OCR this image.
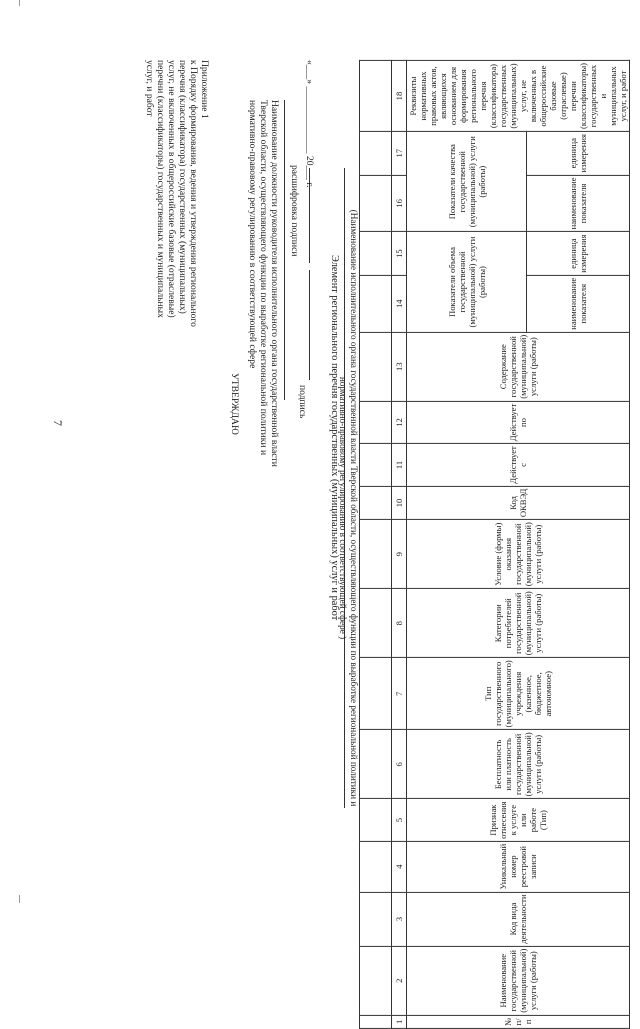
7
Приложение 1
к Порядку формирования, ведения и утверждения регионального
перечня (классификатора) государственных (муниципальных)
услуг, не включенных в общероссийские базовые (отраслевые)
перечни (классификаторы) государственных и муниципальных
услуг, и работ
УТВЕРЖДАЮ	Наименование должности руководителя исполнительного органа государственной власти
Тверской области, осуществляющего функции по выработке региональной политики и
нормативно-правовому регулированию в соответствующей сфере
подпись
расшифровка подписи
«___» ______________ 20___ г.
Элемент регионального перечня государственных (муниципальных) услуг и работ (Наименование исполнительного органа государственной власти Тверской области, осуществляющего функции по выработке региональной политики и
нормативно-правовому регулированию в соответствующей сфере )

1	2	3	4	5	6	7	8	9	10	11	12	13	14	15	16	17	18
№ п/п	Наименование государственной (муниципальной) услуги (работы)	Код вида деятельности	Уникальный номер реестровой записи	Признак отнесения к услуге или работе (Тип)	Бесплатность или платность государственной (муниципальной) услуги (работы)	Тип государственного (муниципального) учреждения (казенное, бюджетное, автономное)	Категории потребителей государственной (муниципальной) услуги (работы)	Условие (формы) оказания государственной (муниципальной) услуги (работы)	Код ОКВЭД	Действует с	Действует по	Содержание государственной (муниципальной) услуги (работы)	Показатели объема государственной (муниципальной) услуги (работы)		Показатели качества государственной (муниципальной) услуги (работы)		Реквизиты нормативных правовых актов, являющихся основанием для формирования регионального перечня (классификатора) государственных (муниципальных) услуг, не включенных в общероссийские базовые (отраслевые) перечни (классификаторы) государственных и муниципальных услуг, и работ
													наименование показателя	единица измерения	наименование показателя	единица измерения	
